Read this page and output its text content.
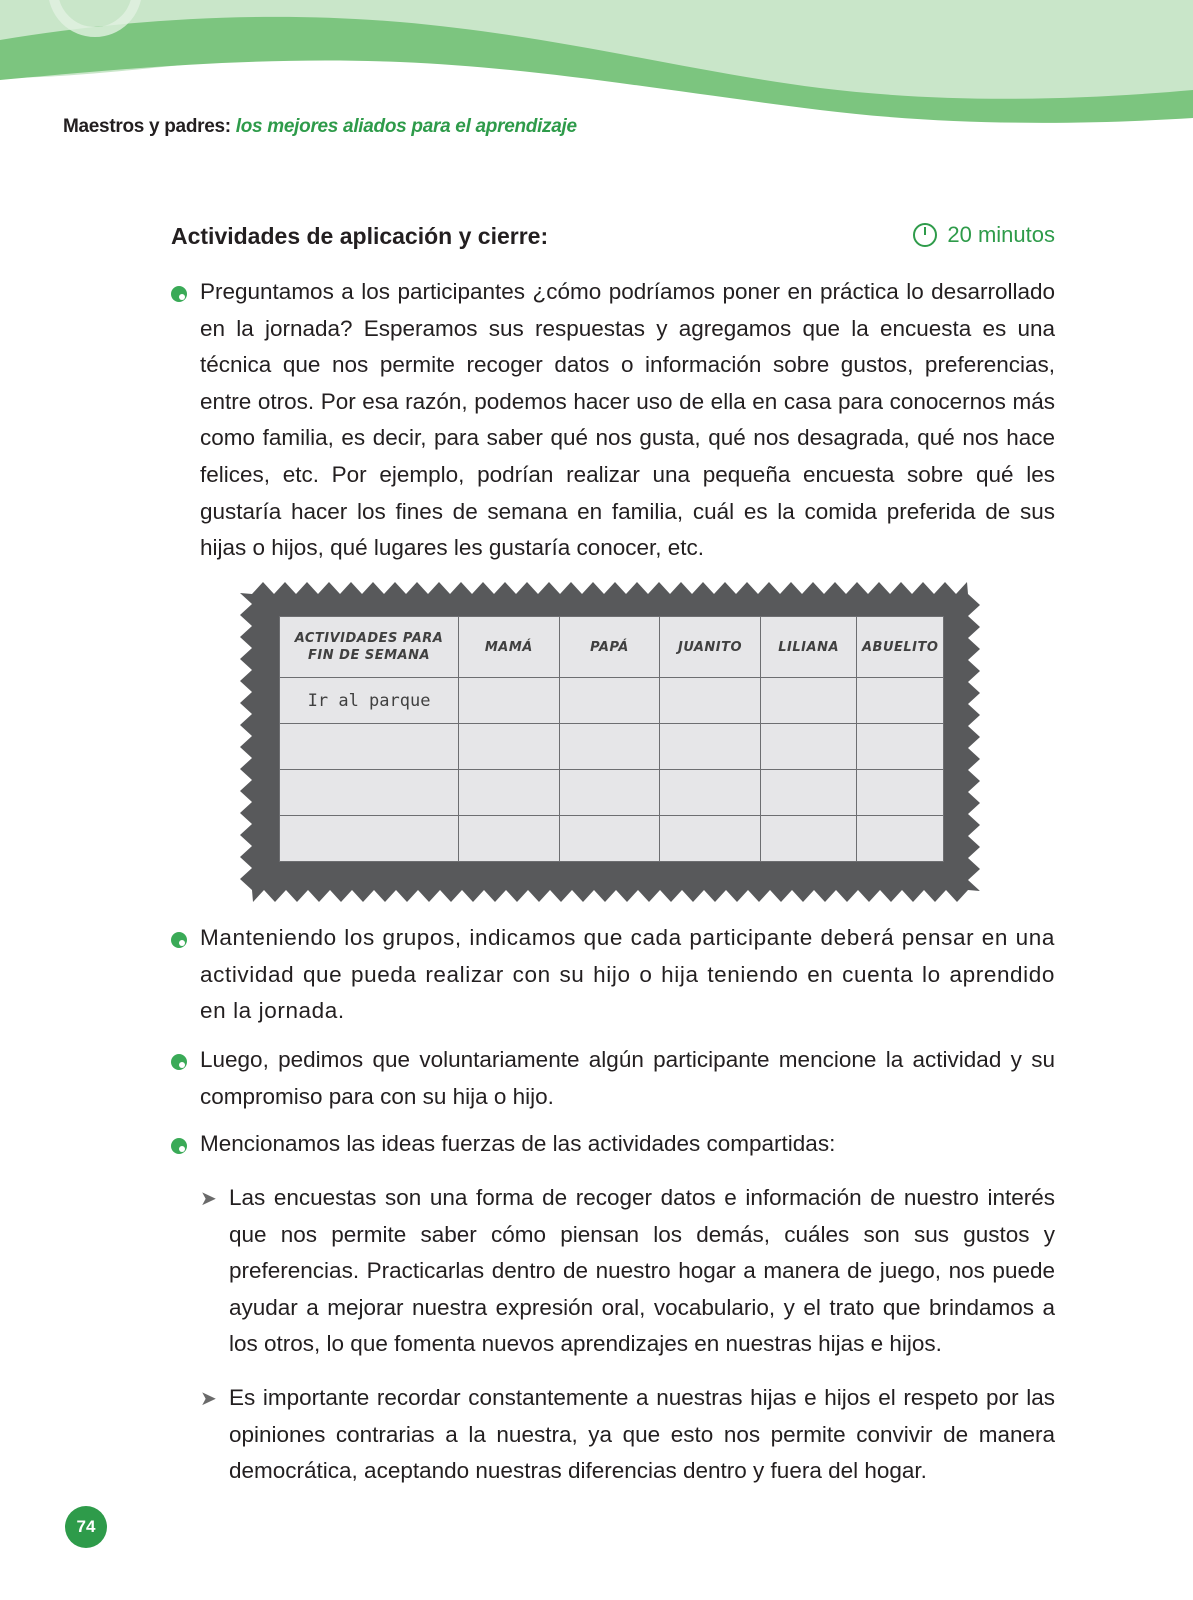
Maestros y padres: los mejores aliados para el aprendizaje
Actividades de aplicación y cierre:	20 minutos
Preguntamos a los participantes ¿cómo podríamos poner en práctica lo desarrollado en la jornada? Esperamos sus respuestas y agregamos que la encuesta es una técnica que nos permite recoger datos o información sobre gustos, preferencias, entre otros. Por esa razón, podemos hacer uso de ella en casa para conocernos más como familia, es decir, para saber qué nos gusta, qué nos desagrada, qué nos hace felices, etc. Por ejemplo, podrían realizar una pequeña encuesta sobre qué les gustaría hacer los fines de semana en familia, cuál es la comida preferida de sus hijas o hijos, qué lugares les gustaría conocer, etc.
ACTIVIDADES PARA FIN DE SEMANA	MAMÁ	PAPÁ	JUANITO	LILIANA	ABUELITO
Ir al parque					

Manteniendo los grupos, indicamos que cada participante deberá pensar en una actividad que pueda realizar con su hijo o hija teniendo en cuenta lo aprendido en la jornada.
Luego, pedimos que voluntariamente algún participante mencione la actividad y su compromiso para con su hija o hijo.
Mencionamos las ideas fuerzas de las actividades compartidas:
➤ Las encuestas son una forma de recoger datos e información de nuestro interés que nos permite saber cómo piensan los demás, cuáles son sus gustos y preferencias. Practicarlas dentro de nuestro hogar a manera de juego, nos puede ayudar a mejorar nuestra expresión oral, vocabulario, y el trato que brindamos a los otros, lo que fomenta nuevos aprendizajes en nuestras hijas e hijos.
➤ Es importante recordar constantemente a nuestras hijas e hijos el respeto por las opiniones contrarias a la nuestra, ya que esto nos permite convivir de manera democrática, aceptando nuestras diferencias dentro y fuera del hogar.
74
